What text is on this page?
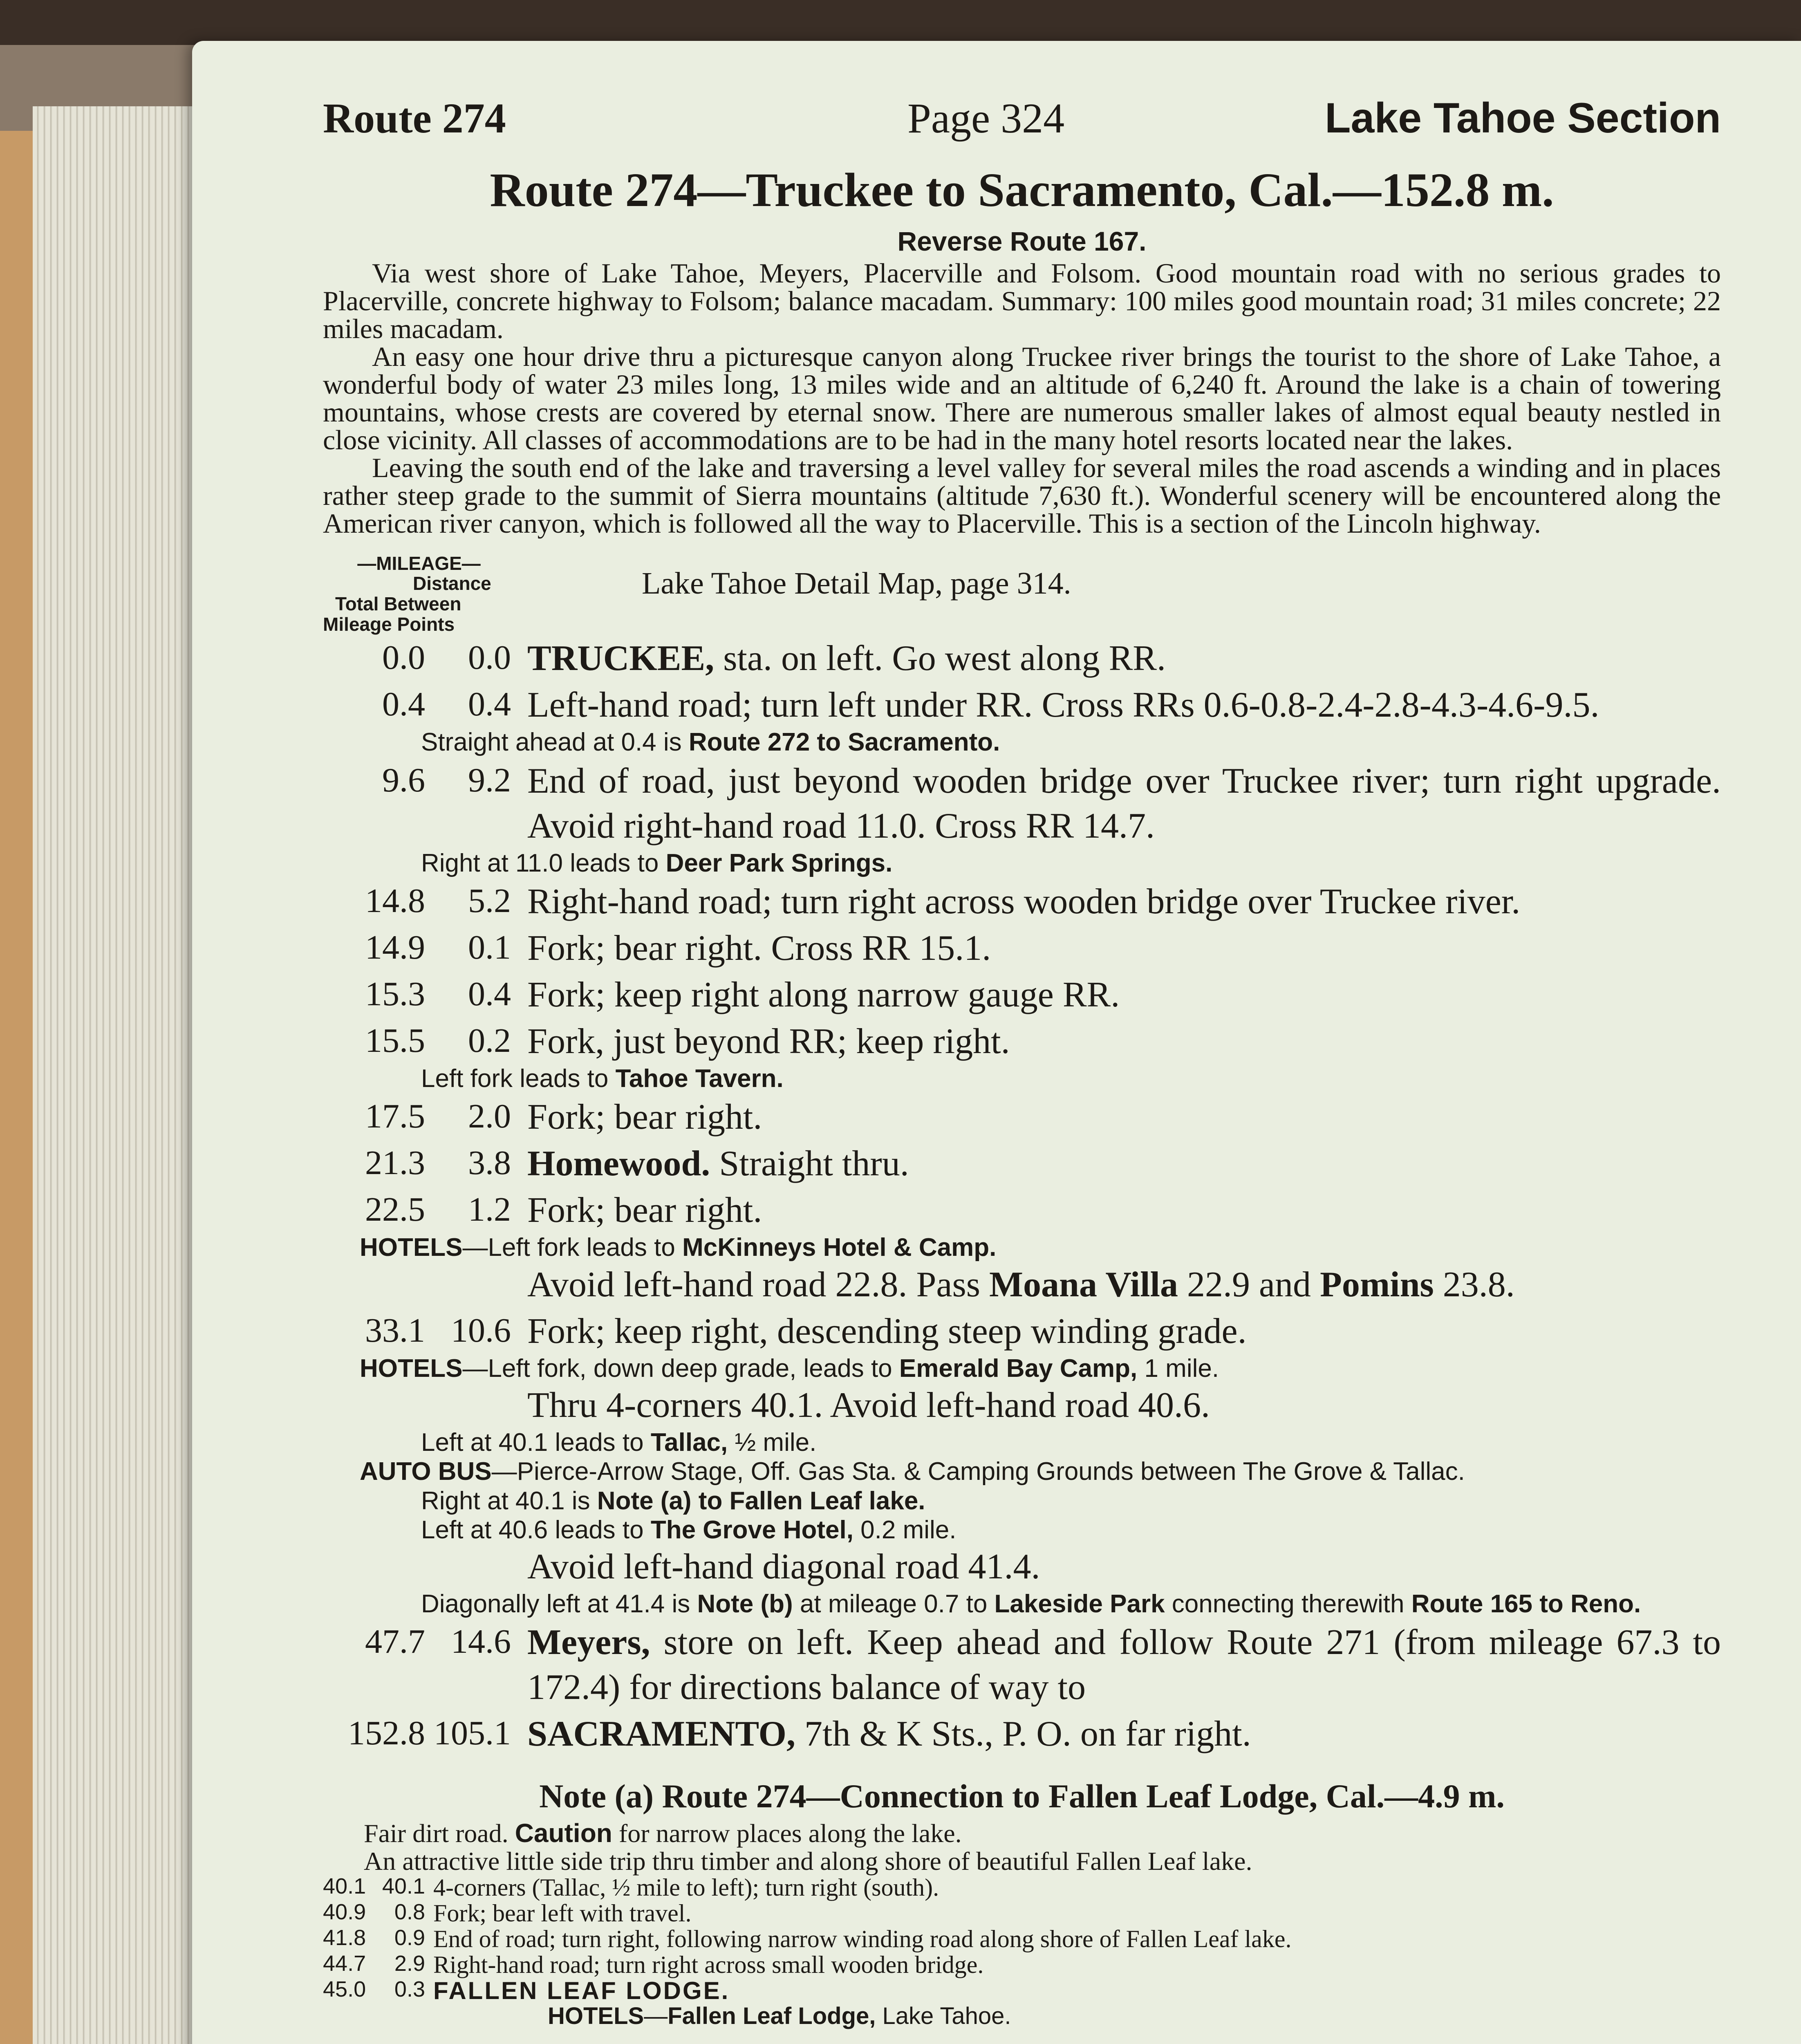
Route 274	Page 324	Lake Tahoe Section
Route 274—Truckee to Sacramento, Cal.—152.8 m.
Reverse Route 167.

Via west shore of Lake Tahoe, Meyers, Placerville and Folsom. Good mountain road with no serious grades to Placerville, concrete highway to Folsom; balance macadam. Summary: 100 miles good mountain road; 31 miles concrete; 22 miles macadam.

An easy one hour drive thru a picturesque canyon along Truckee river brings the tourist to the shore of Lake Tahoe, a wonderful body of water 23 miles long, 13 miles wide and an altitude of 6,240 ft. Around the lake is a chain of towering mountains, whose crests are covered by eternal snow. There are numerous smaller lakes of almost equal beauty nestled in close vicinity. All classes of accommodations are to be had in the many hotel resorts located near the lakes.

Leaving the south end of the lake and traversing a level valley for several miles the road ascends a winding and in places rather steep grade to the summit of Sierra mountains (altitude 7,630 ft.). Wonderful scenery will be encountered along the American river canyon, which is followed all the way to Placerville. This is a section of the Lincoln highway.

—MILEAGE—
Distance
Total Between
Mileage Points
Lake Tahoe Detail Map, page 314.
0.0	0.0 TRUCKEE, sta. on left. Go west along RR.
0.4	0.4 Left-hand road; turn left under RR. Cross RRs 0.6-0.8-2.4-2.8-4.3-4.6-9.5.

Straight ahead at 0.4 is Route 272 to Sacramento.

9.6	9.2 End of road, just beyond wooden bridge over Truckee river; turn right upgrade. Avoid right-hand road 11.0. Cross RR 14.7.

Right at 11.0 leads to Deer Park Springs.

14.8	5.2 Right-hand road; turn right across wooden bridge over Truckee river.
14.9	0.1 Fork; bear right. Cross RR 15.1.
15.3	0.4 Fork; keep right along narrow gauge RR.
15.5	0.2 Fork, just beyond RR; keep right.

Left fork leads to Tahoe Tavern.

17.5	2.0 Fork; bear right.
21.3	3.8 Homewood. Straight thru.
22.5	1.2 Fork; bear right.

HOTELS—Left fork leads to McKinneys Hotel & Camp.

Avoid left-hand road 22.8. Pass Moana Villa 22.9 and Pomins 23.8.
33.1 10.6 Fork; keep right, descending steep winding grade.

HOTELS—Left fork, down deep grade, leads to Emerald Bay Camp, 1 mile.

Thru 4-corners 40.1. Avoid left-hand road 40.6.

Left at 40.1 leads to Tallac, ½ mile.

AUTO BUS—Pierce-Arrow Stage, Off. Gas Sta. & Camping Grounds between The Grove & Tallac.

Right at 40.1 is Note (a) to Fallen Leaf lake.

Left at 40.6 leads to The Grove Hotel, 0.2 mile.

Avoid left-hand diagonal road 41.4.

Diagonally left at 41.4 is Note (b) at mileage 0.7 to Lakeside Park connecting therewith Route 165 to Reno.

47.7 14.6 Meyers, store on left. Keep ahead and follow Route 271 (from mileage 67.3 to 172.4) for directions balance of way to
152.8 105.1 SACRAMENTO, 7th & K Sts., P. O. on far right.
Note (a) Route 274—Connection to Fallen Leaf Lodge, Cal.—4.9 m.

Fair dirt road. Caution for narrow places along the lake.

An attractive little side trip thru timber and along shore of beautiful Fallen Leaf lake.

40.1 40.1 4-corners (Tallac, ½ mile to left); turn right (south).
40.9	0.8 Fork; bear left with travel.
41.8	0.9 End of road; turn right, following narrow winding road along shore of Fallen Leaf lake.
44.7	2.9 Right-hand road; turn right across small wooden bridge.
45.0	0.3 FALLEN LEAF LODGE.
HOTELS—Fallen Leaf Lodge, Lake Tahoe.
